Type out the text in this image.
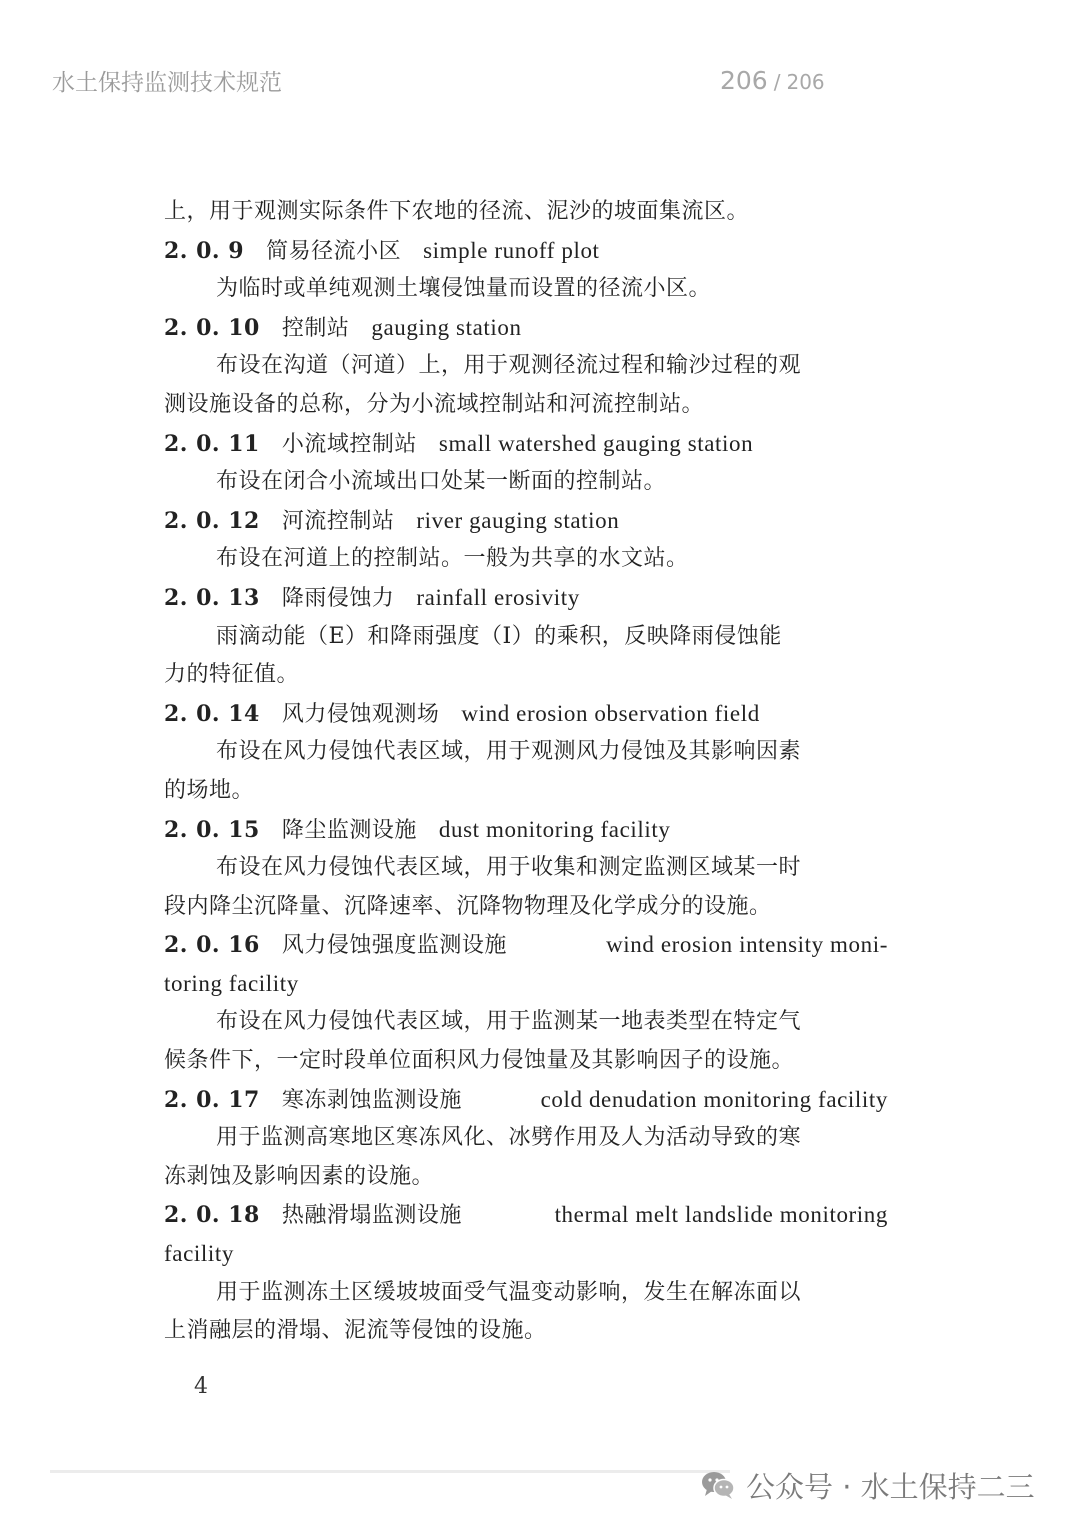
水土保持监测技术规范	206 / 206
上，用于观测实际条件下农地的径流、泥沙的坡面集流区。
2. 0. 9 简易径流小区 simple runoff plot
为临时或单纯观测土壤侵蚀量而设置的径流小区。
2. 0. 10 控制站 gauging station
布设在沟道（河道）上，用于观测径流过程和输沙过程的观
测设施设备的总称，分为小流域控制站和河流控制站。
2. 0. 11 小流域控制站 small watershed gauging station
布设在闭合小流域出口处某一断面的控制站。
2. 0. 12 河流控制站 river gauging station
布设在河道上的控制站。一般为共享的水文站。
2. 0. 13 降雨侵蚀力 rainfall erosivity
雨滴动能（E）和降雨强度（I）的乘积，反映降雨侵蚀能
力的特征值。
2. 0. 14 风力侵蚀观测场 wind erosion observation field
布设在风力侵蚀代表区域，用于观测风力侵蚀及其影响因素
的场地。
2. 0. 15 降尘监测设施 dust monitoring facility
布设在风力侵蚀代表区域，用于收集和测定监测区域某一时
段内降尘沉降量、沉降速率、沉降物物理及化学成分的设施。
2. 0. 16 风力侵蚀强度监测设施	wind erosion intensity moni-
toring facility
布设在风力侵蚀代表区域，用于监测某一地表类型在特定气
候条件下，一定时段单位面积风力侵蚀量及其影响因子的设施。
2. 0. 17 寒冻剥蚀监测设施	cold denudation monitoring facility
用于监测高寒地区寒冻风化、冰劈作用及人为活动导致的寒
冻剥蚀及影响因素的设施。
2. 0. 18 热融滑塌监测设施	thermal melt landslide monitoring
facility
用于监测冻土区缓坡坡面受气温变动影响，发生在解冻面以
上消融层的滑塌、泥流等侵蚀的设施。
4
公众号 · 水土保持二三
